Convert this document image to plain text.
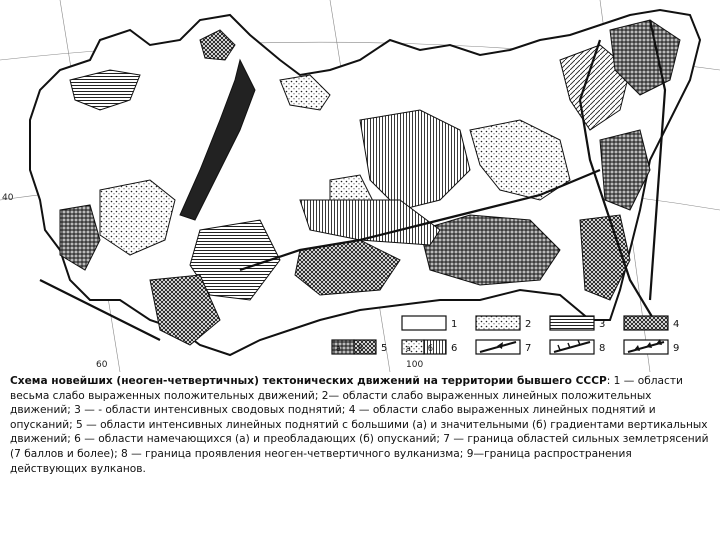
60	100
40
1	2	3	4
а б 5 а б 6	7	8	9

Схема новейших (неоген-четвертичных) тектонических движений на территории бывшего СССР: 1 — области весьма слабо выраженных положительных движений; 2— области слабо выраженных линейных положительных движений; 3 — - области интенсивных сводовых поднятий; 4 — области слабо выраженных линейных поднятий и опусканий; 5 — области интенсивных линейных поднятий с большими (а) и значительными (б) градиентами вертикальных движений; 6 — области намечающихся (а) и преобладающих (б) опусканий; 7 — граница областей сильных землетрясений (7 баллов и более); 8 — граница проявления неоген-четвертичного вулканизма; 9—граница распространения действующих вулканов.
